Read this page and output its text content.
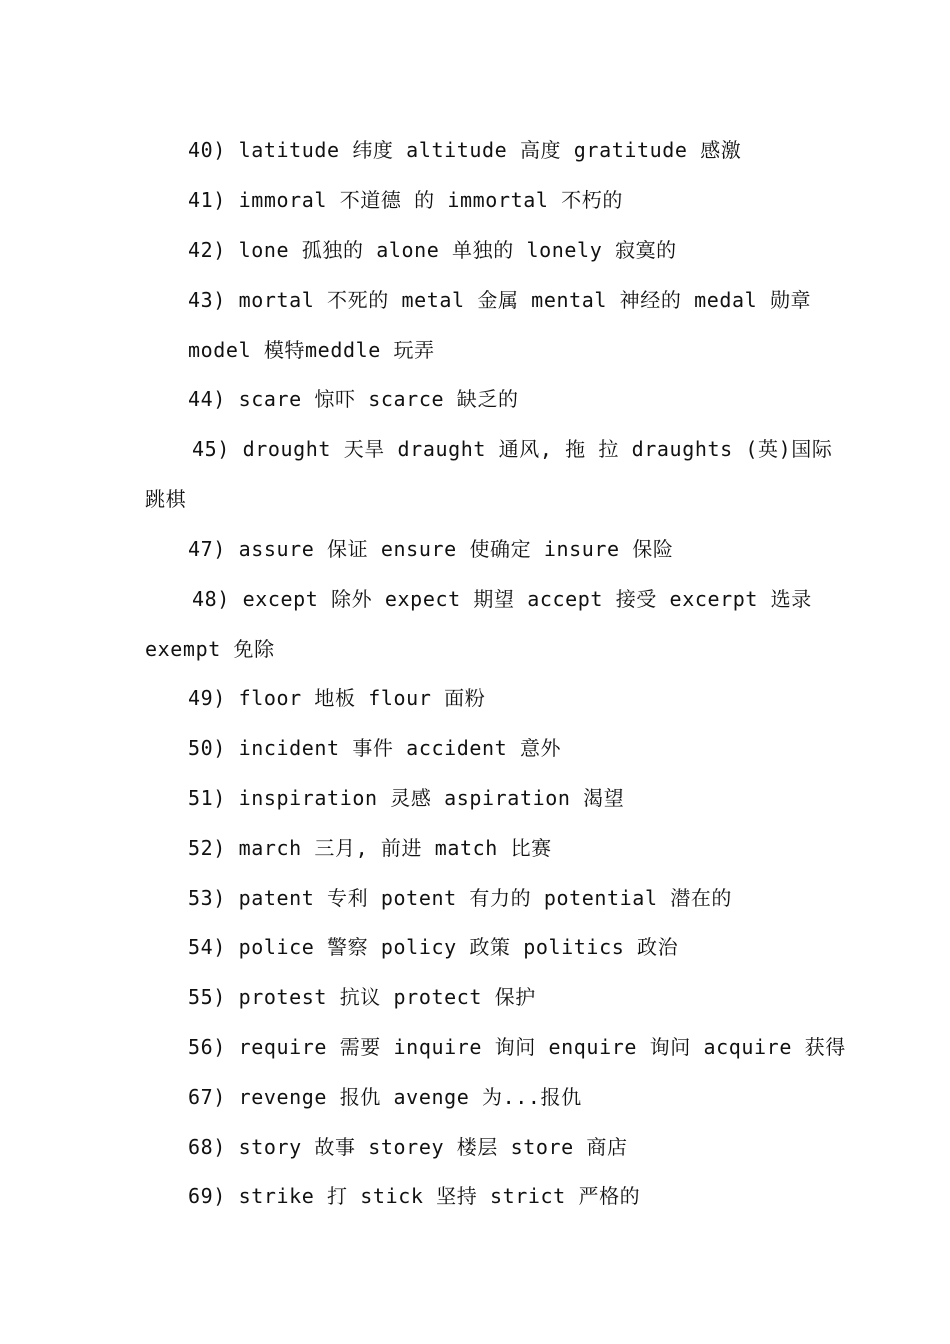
40) latitude 纬度 altitude 高度 gratitude 感激
41) immoral 不道德 的 immortal 不朽的
42) lone 孤独的 alone 单独的 lonely 寂寞的
43) mortal 不死的 metal 金属 mental 神经的 medal 勋章
model 模特meddle 玩弄
44) scare 惊吓 scarce 缺乏的
45) drought 天旱 draught 通风, 拖 拉 draughts (英)国际
跳棋
47) assure 保证 ensure 使确定 insure 保险
48) except 除外 expect 期望 accept 接受 excerpt 选录
exempt 免除
49) floor 地板 flour 面粉
50) incident 事件 accident 意外
51) inspiration 灵感 aspiration 渴望
52) march 三月, 前进 match 比赛
53) patent 专利 potent 有力的 potential 潜在的
54) police 警察 policy 政策 politics 政治
55) protest 抗议 protect 保护
56) require 需要 inquire 询问 enquire 询问 acquire 获得
67) revenge 报仇 avenge 为...报仇
68) story 故事 storey 楼层 store 商店
69) strike 打 stick 坚持 strict 严格的
